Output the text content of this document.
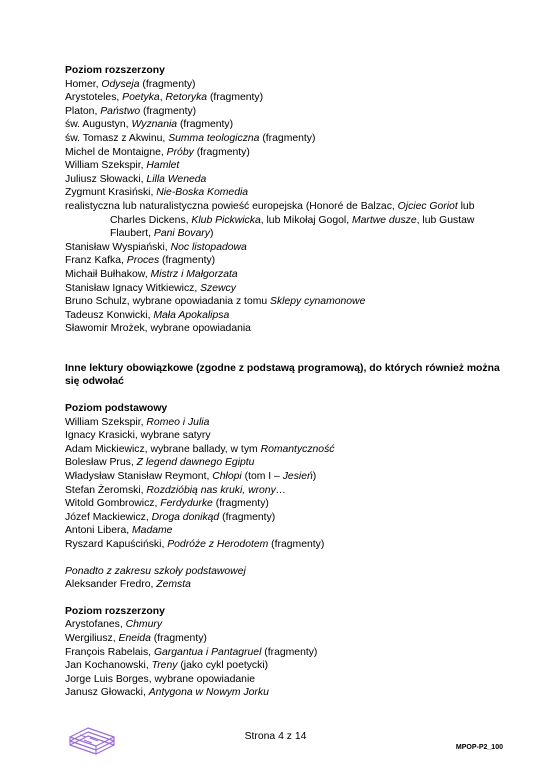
Poziom rozszerzony
Homer, Odyseja (fragmenty)
Arystoteles, Poetyka, Retoryka (fragmenty)
Platon, Państwo (fragmenty)
św. Augustyn, Wyznania (fragmenty)
św. Tomasz z Akwinu, Summa teologiczna (fragmenty)
Michel de Montaigne, Próby (fragmenty)
William Szekspir, Hamlet
Juliusz Słowacki, Lilla Weneda
Zygmunt Krasiński, Nie-Boska Komedia
realistyczna lub naturalistyczna powieść europejska (Honoré de Balzac, Ojciec Goriot lub Charles Dickens, Klub Pickwicka, lub Mikołaj Gogol, Martwe dusze, lub Gustaw Flaubert, Pani Bovary)
Stanisław Wyspiański, Noc listopadowa
Franz Kafka, Proces (fragmenty)
Michaił Bułhakow, Mistrz i Małgorzata
Stanisław Ignacy Witkiewicz, Szewcy
Bruno Schulz, wybrane opowiadania z tomu Sklepy cynamonowe
Tadeusz Konwicki, Mała Apokalipsa
Sławomir Mrożek, wybrane opowiadania
Inne lektury obowiązkowe (zgodne z podstawą programową), do których również można się odwołać
Poziom podstawowy
William Szekspir, Romeo i Julia
Ignacy Krasicki, wybrane satyry
Adam Mickiewicz, wybrane ballady, w tym Romantyczność
Bolesław Prus, Z legend dawnego Egiptu
Władysław Stanisław Reymont, Chłopi (tom I – Jesień)
Stefan Żeromski, Rozdzióbią nas kruki, wrony…
Witold Gombrowicz, Ferdydurke (fragmenty)
Józef Mackiewicz, Droga donikąd (fragmenty)
Antoni Libera, Madame
Ryszard Kapuściński, Podróże z Herodotem (fragmenty)
Ponadto z zakresu szkoły podstawowej
Aleksander Fredro, Zemsta
Poziom rozszerzony
Arystofanes, Chmury
Wergiliusz, Eneida (fragmenty)
François Rabelais, Gargantua i Pantagruel (fragmenty)
Jan Kochanowski, Treny (jako cykl poetycki)
Jorge Luis Borges, wybrane opowiadanie
Janusz Głowacki, Antygona w Nowym Jorku
Strona 4 z 14
MPOP-P2_100
